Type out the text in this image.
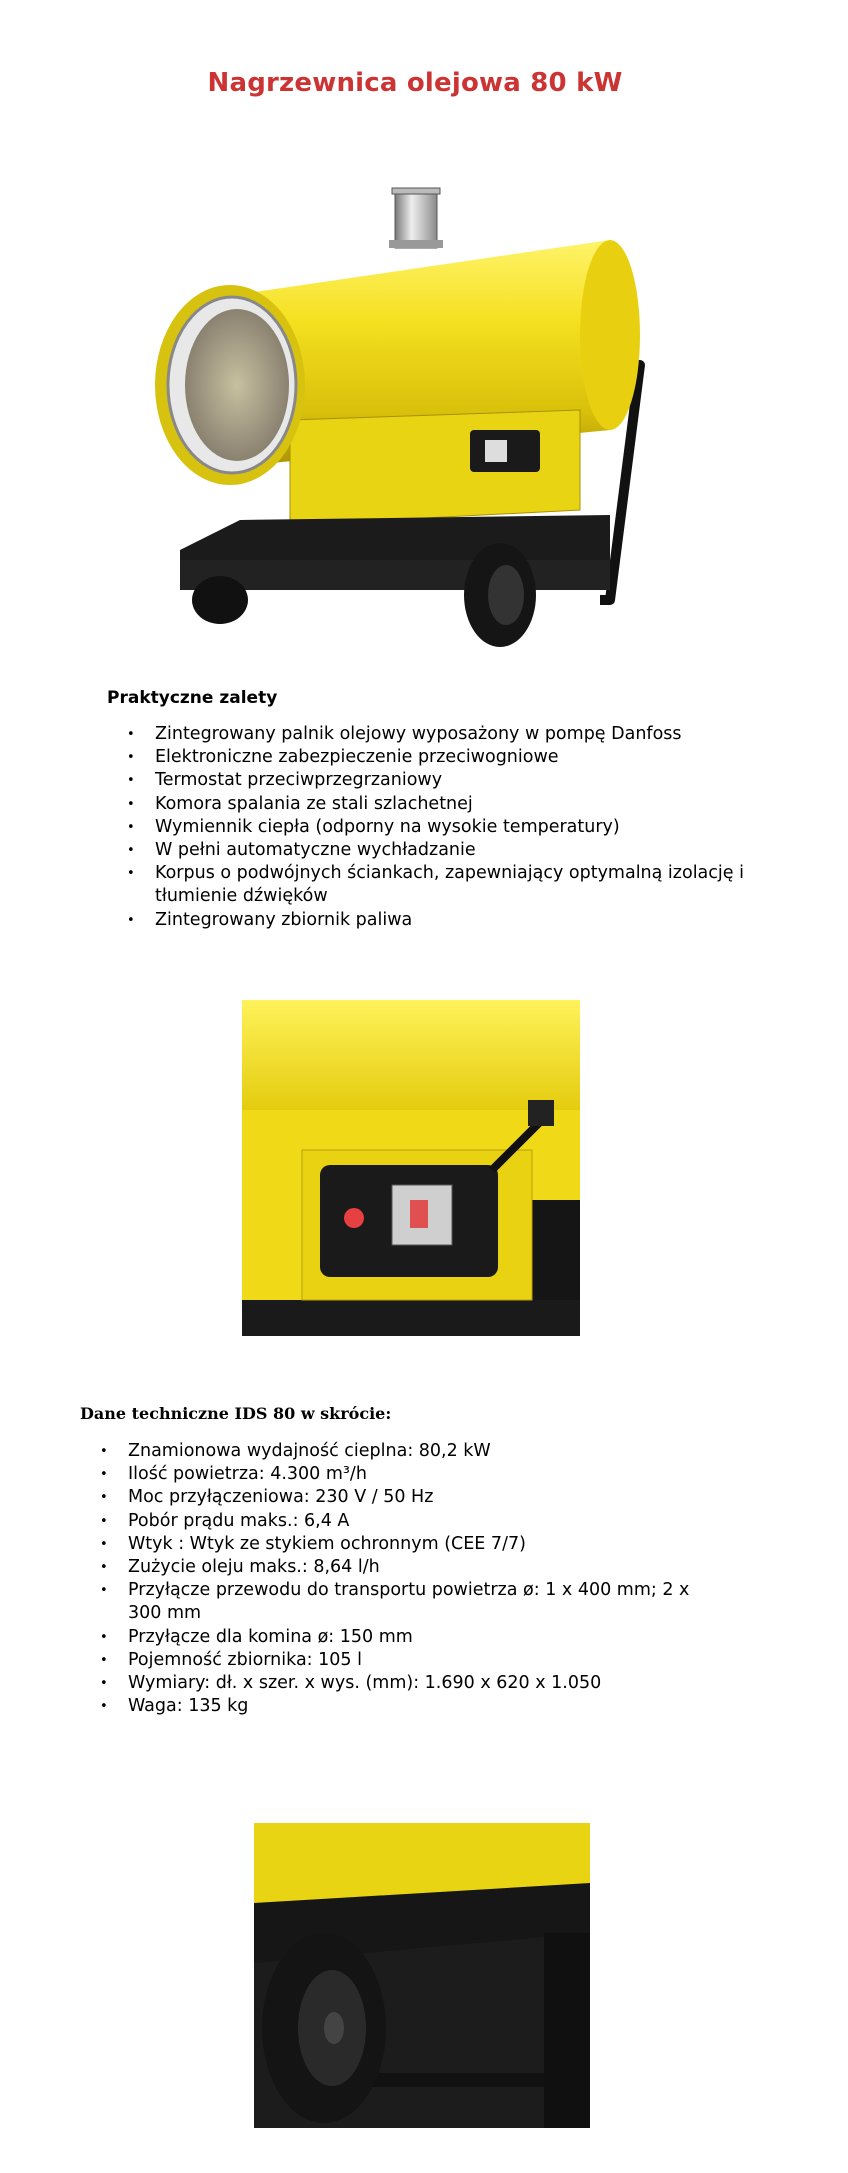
Nagrzewnica olejowa 80 kW
Praktyczne zalety
• Zintegrowany palnik olejowy wyposażony w pompę Danfoss
• Elektroniczne zabezpieczenie przeciwogniowe
• Termostat przeciwprzegrzaniowy
• Komora spalania ze stali szlachetnej
• Wymiennik ciepła (odporny na wysokie temperatury)
• W pełni automatyczne wychładzanie
• Korpus o podwójnych ściankach, zapewniający optymalną izolację i tłumienie dźwięków
• Zintegrowany zbiornik paliwa
Dane techniczne IDS 80 w skrócie:
• Znamionowa wydajność cieplna: 80,2 kW
• Ilość powietrza: 4.300 m³/h
• Moc przyłączeniowa: 230 V / 50 Hz
• Pobór prądu maks.: 6,4 A
• Wtyk : Wtyk ze stykiem ochronnym (CEE 7/7)
• Zużycie oleju maks.: 8,64 l/h
• Przyłącze przewodu do transportu powietrza ø: 1 x 400 mm; 2 x 300 mm
• Przyłącze dla komina ø: 150 mm
• Pojemność zbiornika: 105 l
• Wymiary: dł. x szer. x wys. (mm): 1.690 x 620 x 1.050
• Waga: 135 kg
